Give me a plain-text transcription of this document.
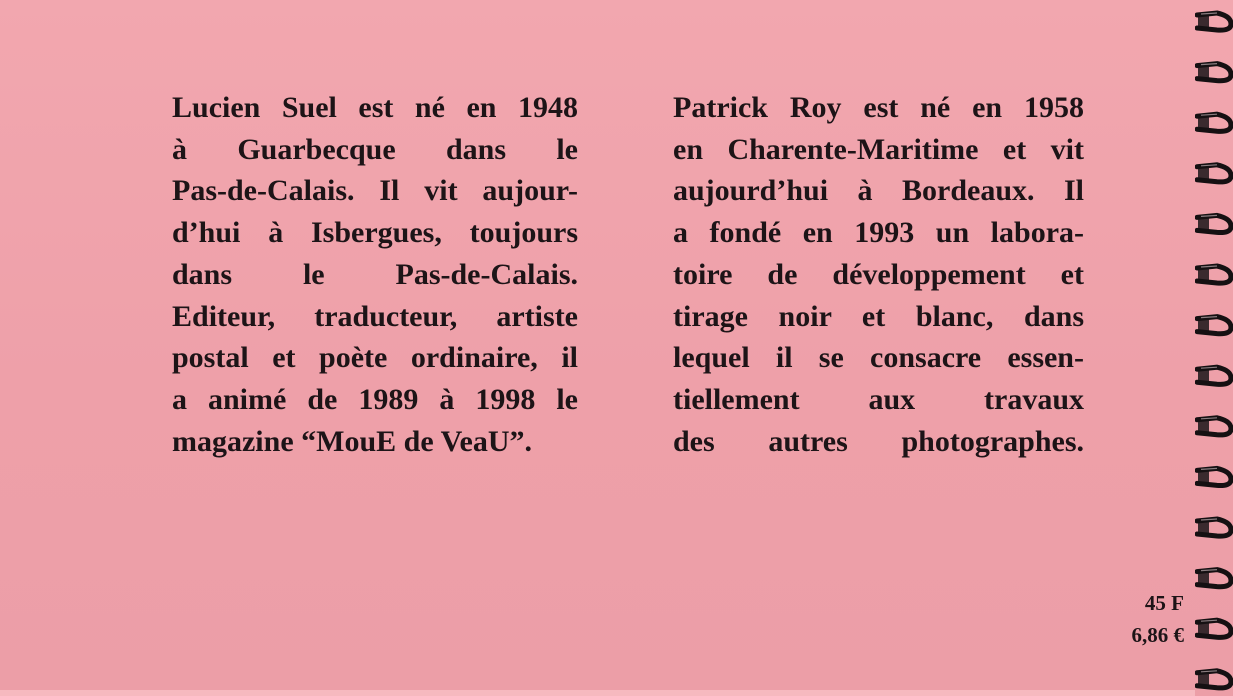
Lucien Suel est né en 1948
à Guarbecque dans le
Pas-de-Calais. Il vit aujour-
d’hui à Isbergues, toujours
dans le Pas-de-Calais.
Editeur, traducteur, artiste
postal et poète ordinaire, il
a animé de 1989 à 1998 le
magazine “MouE de VeaU”.
Patrick Roy est né en 1958
en Charente-Maritime et vit
aujourd’hui à Bordeaux. Il
a fondé en 1993 un labora-
toire de développement et
tirage noir et blanc, dans
lequel il se consacre essen-
tiellement aux travaux
des autres photographes.
45 F
6,86 €
